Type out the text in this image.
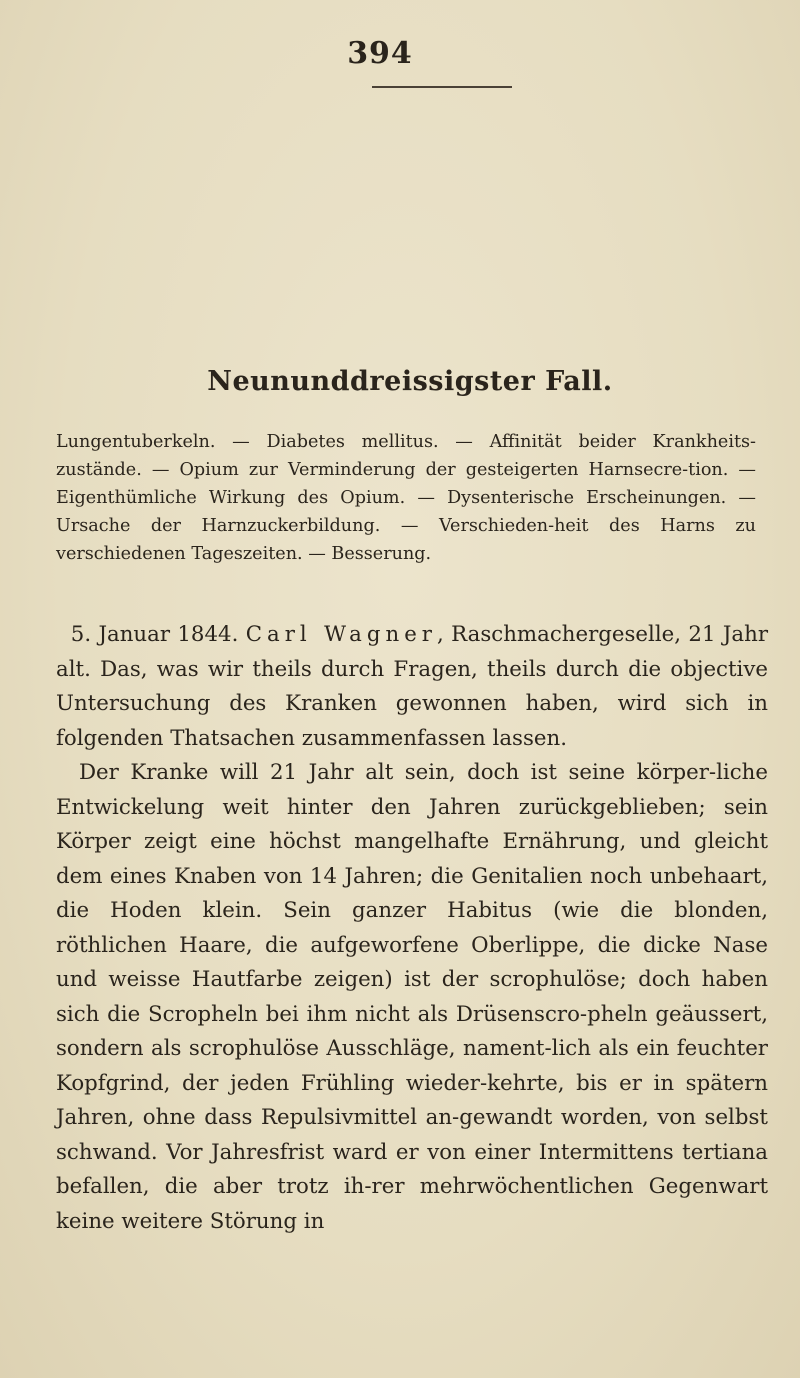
394
Neununddreissigster Fall.
Lungentuberkeln. — Diabetes mellitus. — Affinität beider Krankheits-zustände. — Opium zur Verminderung der gesteigerten Harnsecre-tion. — Eigenthümliche Wirkung des Opium. — Dysenterische Erscheinungen. — Ursache der Harnzuckerbildung. — Verschieden-heit des Harns zu verschiedenen Tageszeiten. — Besserung.

5. Januar 1844. Carl Wagner, Raschmachergeselle, 21 Jahr alt. Das, was wir theils durch Fragen, theils durch die objective Untersuchung des Kranken gewonnen haben, wird sich in folgenden Thatsachen zusammenfassen lassen.

Der Kranke will 21 Jahr alt sein, doch ist seine körper-liche Entwickelung weit hinter den Jahren zurückgeblieben; sein Körper zeigt eine höchst mangelhafte Ernährung, und gleicht dem eines Knaben von 14 Jahren; die Genitalien noch unbehaart, die Hoden klein. Sein ganzer Habitus (wie die blonden, röthlichen Haare, die aufgeworfene Oberlippe, die dicke Nase und weisse Hautfarbe zeigen) ist der scrophulöse; doch haben sich die Scropheln bei ihm nicht als Drüsenscro-pheln geäussert, sondern als scrophulöse Ausschläge, nament-lich als ein feuchter Kopfgrind, der jeden Frühling wieder-kehrte, bis er in spätern Jahren, ohne dass Repulsivmittel an-gewandt worden, von selbst schwand. Vor Jahresfrist ward er von einer Intermittens tertiana befallen, die aber trotz ih-rer mehrwöchentlichen Gegenwart keine weitere Störung in
